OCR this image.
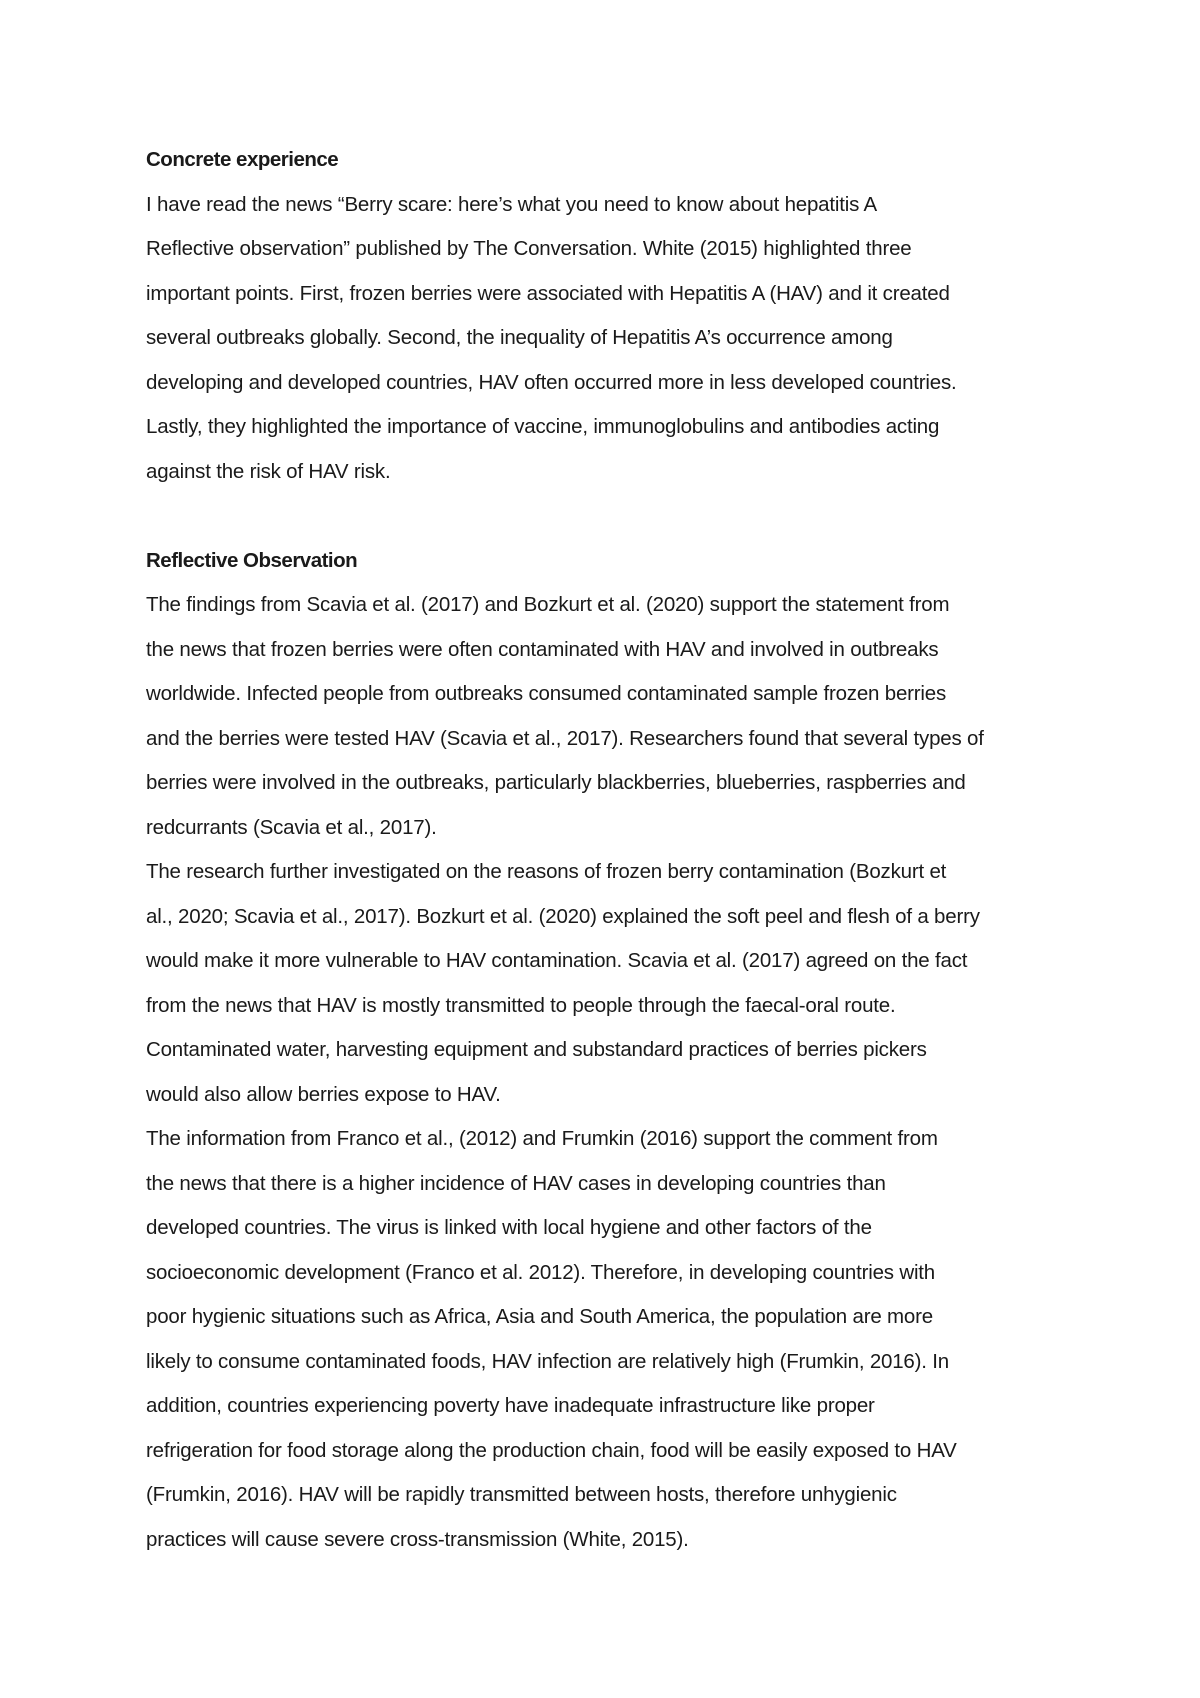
Concrete experience
I have read the news “Berry scare: here’s what you need to know about hepatitis A
Reflective observation” published by The Conversation. White (2015) highlighted three
important points. First, frozen berries were associated with Hepatitis A (HAV) and it created
several outbreaks globally. Second, the inequality of Hepatitis A’s occurrence among
developing and developed countries, HAV often occurred more in less developed countries.
Lastly, they highlighted the importance of vaccine, immunoglobulins and antibodies acting
against the risk of HAV risk.
Reflective Observation
The findings from Scavia et al. (2017) and Bozkurt et al. (2020) support the statement from
the news that frozen berries were often contaminated with HAV and involved in outbreaks
worldwide. Infected people from outbreaks consumed contaminated sample frozen berries
and the berries were tested HAV (Scavia et al., 2017). Researchers found that several types of
berries were involved in the outbreaks, particularly blackberries, blueberries, raspberries and
redcurrants (Scavia et al., 2017).
The research further investigated on the reasons of frozen berry contamination (Bozkurt et
al., 2020; Scavia et al., 2017). Bozkurt et al. (2020) explained the soft peel and flesh of a berry
would make it more vulnerable to HAV contamination. Scavia et al. (2017) agreed on the fact
from the news that HAV is mostly transmitted to people through the faecal-oral route.
Contaminated water, harvesting equipment and substandard practices of berries pickers
would also allow berries expose to HAV.
The information from Franco et al., (2012) and Frumkin (2016) support the comment from
the news that there is a higher incidence of HAV cases in developing countries than
developed countries. The virus is linked with local hygiene and other factors of the
socioeconomic development (Franco et al. 2012). Therefore, in developing countries with
poor hygienic situations such as Africa, Asia and South America, the population are more
likely to consume contaminated foods, HAV infection are relatively high (Frumkin, 2016). In
addition, countries experiencing poverty have inadequate infrastructure like proper
refrigeration for food storage along the production chain, food will be easily exposed to HAV
(Frumkin, 2016). HAV will be rapidly transmitted between hosts, therefore unhygienic
practices will cause severe cross-transmission (White, 2015).
